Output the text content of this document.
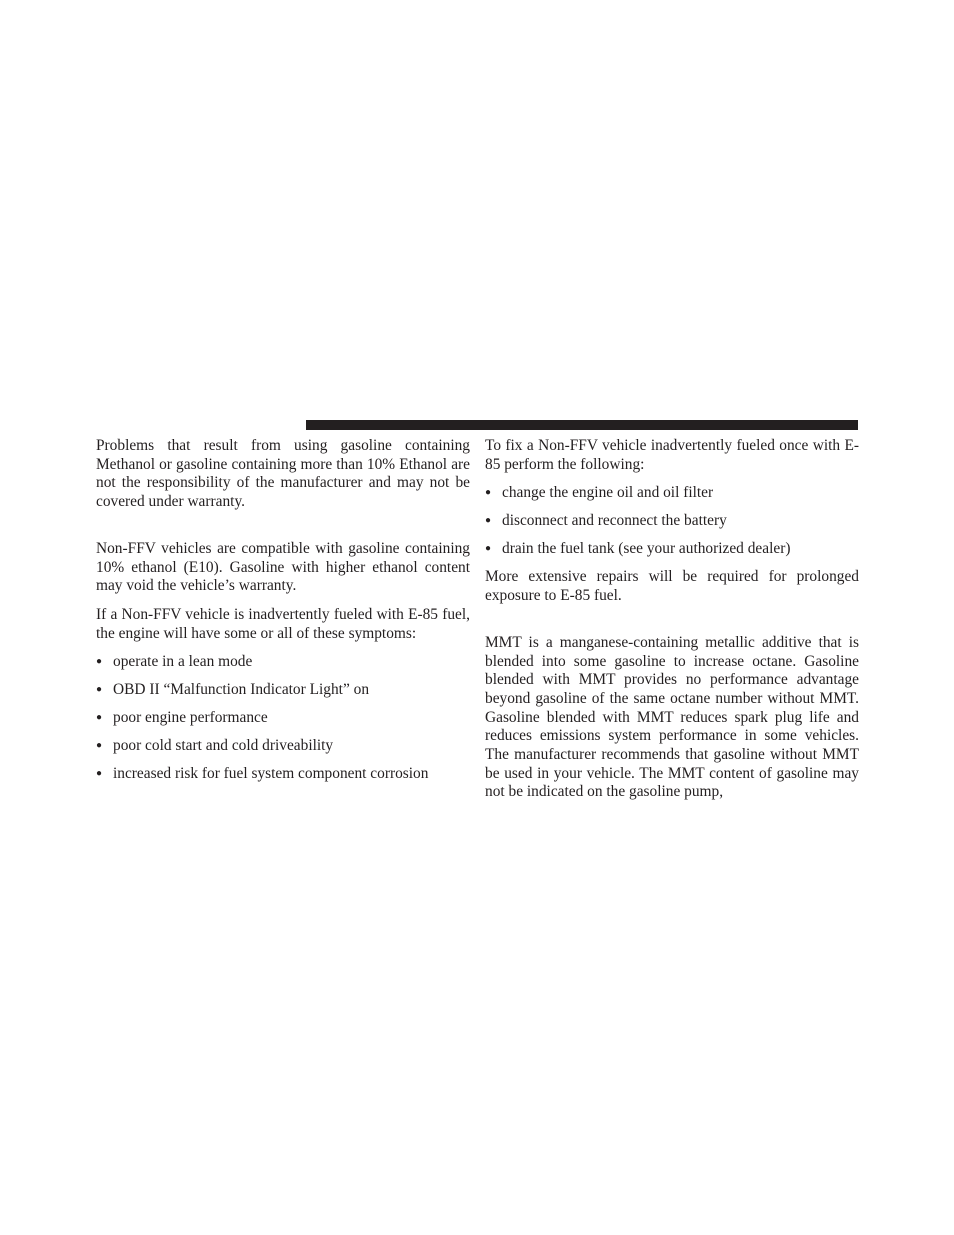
Problems that result from using gasoline containing Methanol or gasoline containing more than 10% Ethanol are not the responsibility of the manufacturer and may not be covered under warranty.

Non-FFV vehicles are compatible with gasoline containing 10% ethanol (E10). Gasoline with higher ethanol content may void the vehicle’s warranty.

If a Non-FFV vehicle is inadvertently fueled with E-85 fuel, the engine will have some or all of these symptoms:

● operate in a lean mode
● OBD II “Malfunction Indicator Light” on
● poor engine performance
● poor cold start and cold driveability
● increased risk for fuel system component corrosion

To fix a Non-FFV vehicle inadvertently fueled once with E-85 perform the following:

● change the engine oil and oil filter
● disconnect and reconnect the battery
● drain the fuel tank (see your authorized dealer)

More extensive repairs will be required for prolonged exposure to E-85 fuel.

MMT is a manganese-containing metallic additive that is blended into some gasoline to increase octane. Gasoline blended with MMT provides no performance advantage beyond gasoline of the same octane number without MMT. Gasoline blended with MMT reduces spark plug life and reduces emissions system performance in some vehicles. The manufacturer recommends that gasoline without MMT be used in your vehicle. The MMT content of gasoline may not be indicated on the gasoline pump,
